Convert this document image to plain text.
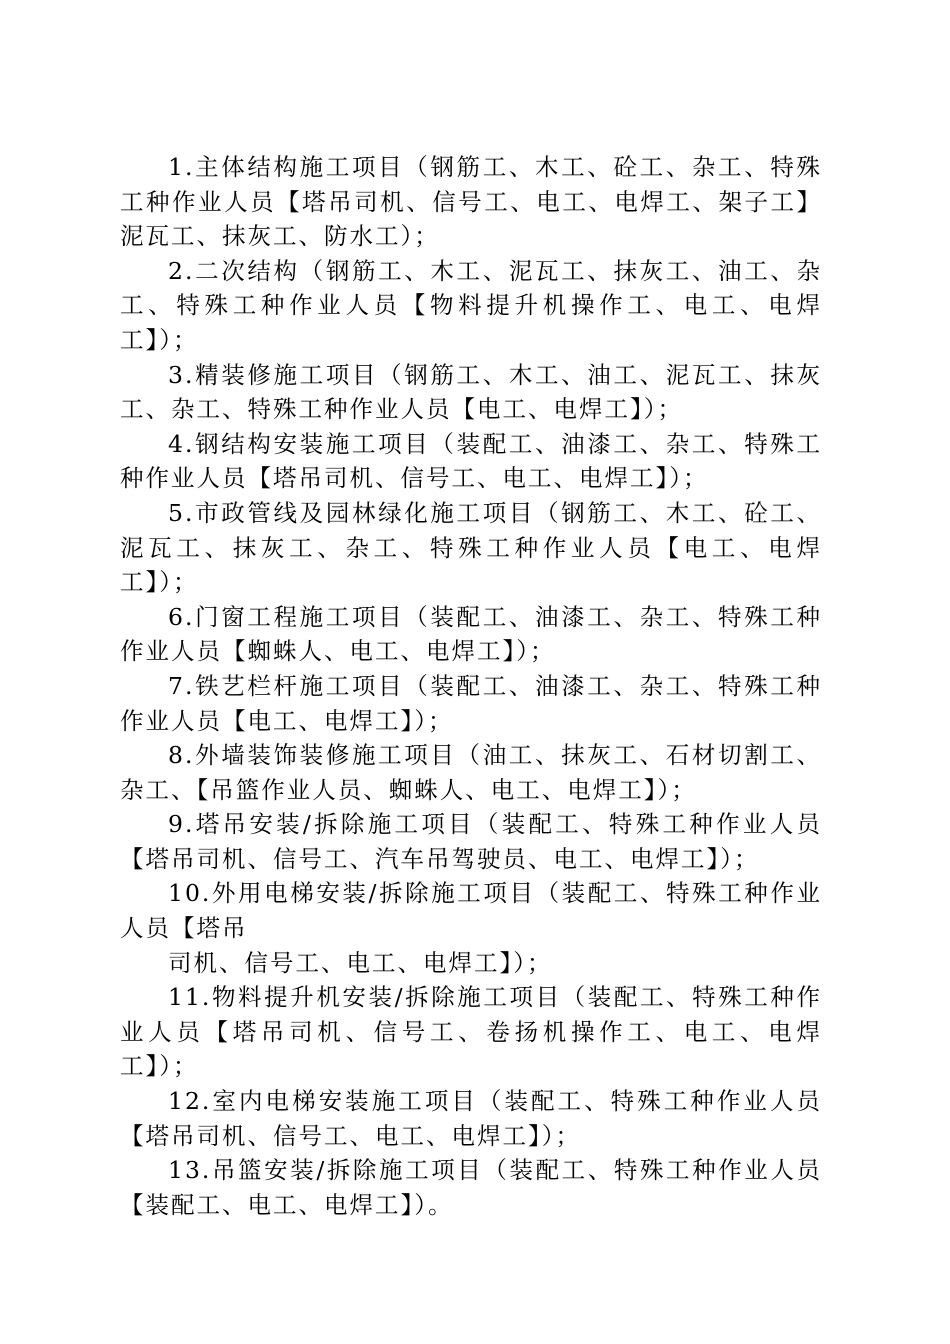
1.主体结构施工项目（钢筋工、木工、砼工、杂工、特殊工种作业人员【塔吊司机、信号工、电工、电焊工、架子工】泥瓦工、抹灰工、防水工）；

2.二次结构（钢筋工、木工、泥瓦工、抹灰工、油工、杂工、特殊工种作业人员【物料提升机操作工、电工、电焊工】）；

3.精装修施工项目（钢筋工、木工、油工、泥瓦工、抹灰工、杂工、特殊工种作业人员【电工、电焊工】）；

4.钢结构安装施工项目（装配工、油漆工、杂工、特殊工种作业人员【塔吊司机、信号工、电工、电焊工】）；

5.市政管线及园林绿化施工项目（钢筋工、木工、砼工、泥瓦工、抹灰工、杂工、特殊工种作业人员【电工、电焊工】）；

6.门窗工程施工项目（装配工、油漆工、杂工、特殊工种作业人员【蜘蛛人、电工、电焊工】）；

7.铁艺栏杆施工项目（装配工、油漆工、杂工、特殊工种作业人员【电工、电焊工】）；

8.外墙装饰装修施工项目（油工、抹灰工、石材切割工、杂工、【吊篮作业人员、蜘蛛人、电工、电焊工】）；

9.塔吊安装/拆除施工项目（装配工、特殊工种作业人员【塔吊司机、信号工、汽车吊驾驶员、电工、电焊工】）；

10.外用电梯安装/拆除施工项目（装配工、特殊工种作业人员【塔吊

司机、信号工、电工、电焊工】）；

11.物料提升机安装/拆除施工项目（装配工、特殊工种作业人员【塔吊司机、信号工、卷扬机操作工、电工、电焊工】）；

12.室内电梯安装施工项目（装配工、特殊工种作业人员【塔吊司机、信号工、电工、电焊工】）；

13.吊篮安装/拆除施工项目（装配工、特殊工种作业人员【装配工、电工、电焊工】）。
